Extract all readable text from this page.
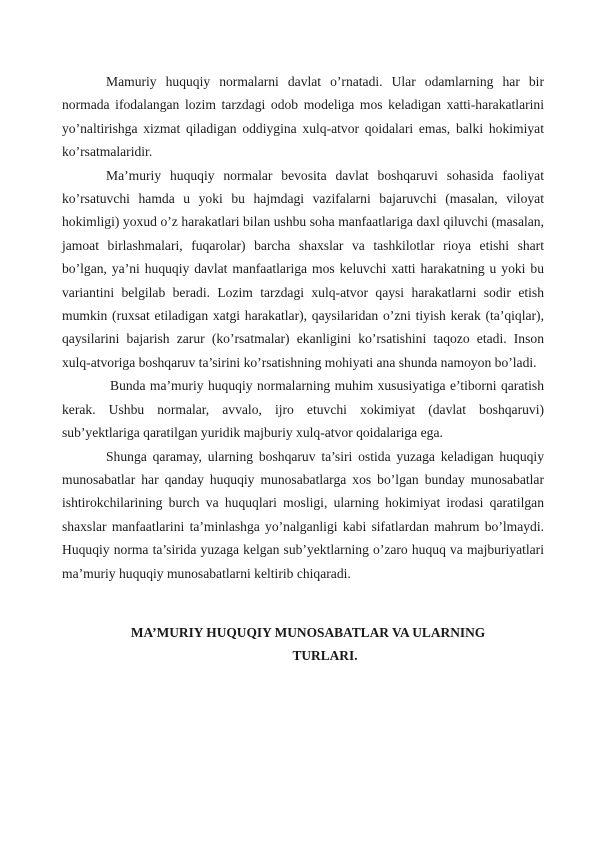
Mamuriy huquqiy normalarni davlat o’rnatadi. Ular odamlarning har bir normada ifodalangan lozim tarzdagi odob modeliga mos keladigan xatti-harakatlarini yo’naltirishga xizmat qiladigan oddiygina xulq-atvor qoidalari emas, balki hokimiyat ko’rsatmalaridir.

Ma’muriy huquqiy normalar bevosita davlat boshqaruvi sohasida faoliyat ko’rsatuvchi hamda u yoki bu hajmdagi vazifalarni bajaruvchi (masalan, viloyat hokimligi) yoxud o’z harakatlari bilan ushbu soha manfaatlariga daxl qiluvchi (masalan, jamoat birlashmalari, fuqarolar) barcha shaxslar va tashkilotlar rioya etishi shart bo’lgan, ya’ni huquqiy davlat manfaatlariga mos keluvchi xatti harakatning u yoki bu variantini belgilab beradi. Lozim tarzdagi xulq-atvor qaysi harakatlarni sodir etish mumkin (ruxsat etiladigan xatgi harakatlar), qaysilaridan o’zni tiyish kerak (ta’qiqlar), qaysilarini bajarish zarur (ko’rsatmalar) ekanligini ko’rsatishini taqozo etadi. Inson xulq-atvoriga boshqaruv ta’sirini ko’rsatishning mohiyati ana shunda namoyon bo’ladi.

Bunda ma’muriy huquqiy normalarning muhim xususiyatiga e’tiborni qaratish kerak. Ushbu normalar, avvalo, ijro etuvchi xokimiyat (davlat boshqaruvi) sub’yektlariga qaratilgan yuridik majburiy xulq-atvor qoidalariga ega.

Shunga qaramay, ularning boshqaruv ta’siri ostida yuzaga keladigan huquqiy munosabatlar har qanday huquqiy munosabatlarga xos bo’lgan bunday munosabatlar ishtirokchilarining burch va huquqlari mosligi, ularning hokimiyat irodasi qaratilgan shaxslar manfaatlarini ta’minlashga yo’nalganligi kabi sifatlardan mahrum bo’lmaydi. Huquqiy norma ta’sirida yuzaga kelgan sub’yektlarning o’zaro huquq va majburiyatlari ma’muriy huquqiy munosabatlarni keltirib chiqaradi.

MA’MURIY HUQUQIY MUNOSABATLAR VA ULARNING
TURLARI.
